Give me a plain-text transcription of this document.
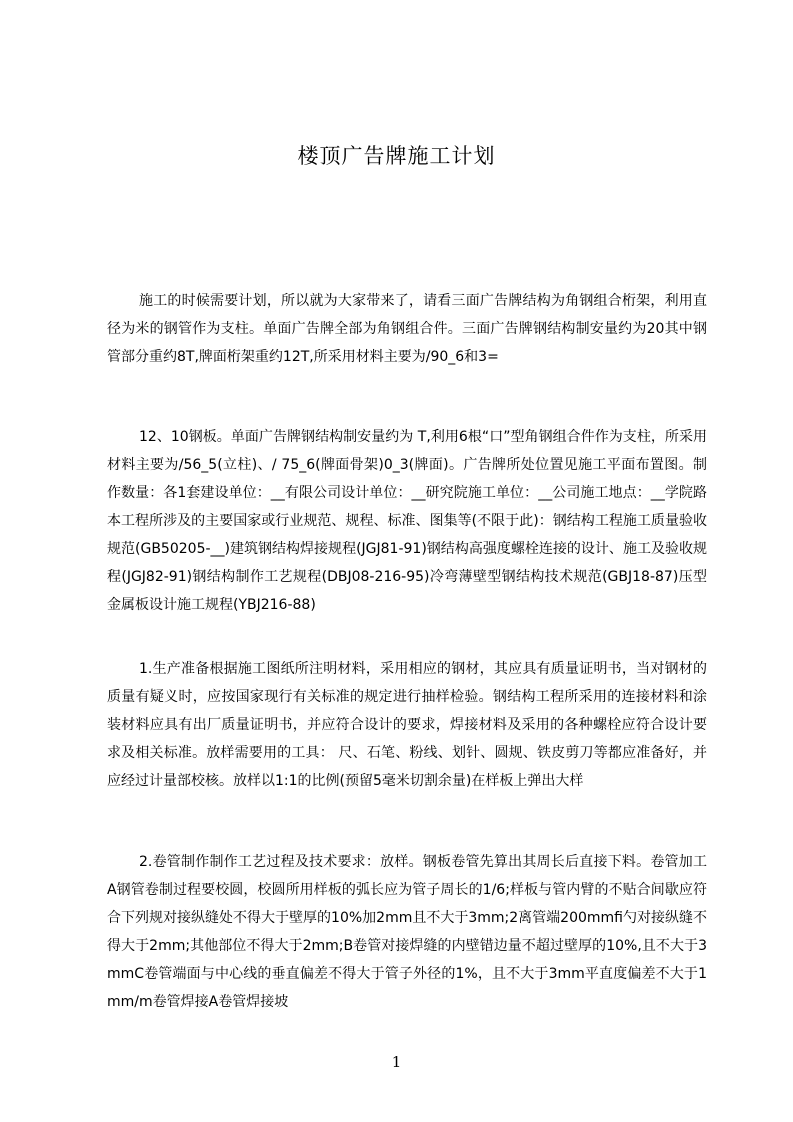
楼顶广告牌施工计划

施工的时候需要计划，所以就为大家带来了，请看三面广告牌结构为角钢组合桁架，利用直径为米的钢管作为支柱。单面广告牌全部为角钢组合件。三面广告牌钢结构制安量约为20其中钢管部分重约8T,牌面桁架重约12T,所采用材料主要为/90_6和3=

12、10钢板。单面广告牌钢结构制安量约为 T,利用6根“口”型角钢组合件作为支柱，所采用材料主要为/56_5(立柱)、/ 75_6(牌面骨架)0_3(牌面)。广告牌所处位置见施工平面布置图。制作数量：各1套建设单位：__有限公司设计单位：__研究院施工单位：__公司施工地点：__学院路本工程所涉及的主要国家或行业规范、规程、标准、图集等(不限于此)：钢结构工程施工质量验收规范(GB50205-__)建筑钢结构焊接规程(JGJ81-91)钢结构高强度螺栓连接的设计、施工及验收规程(JGJ82-91)钢结构制作工艺规程(DBJ08-216-95)冷弯薄壁型钢结构技术规范(GBJ18-87)压型金属板设计施工规程(YBJ216-88)

1.生产准备根据施工图纸所注明材料，采用相应的钢材，其应具有质量证明书，当对钢材的质量有疑义时，应按国家现行有关标准的规定进行抽样检验。钢结构工程所采用的连接材料和涂装材料应具有出厂质量证明书，并应符合设计的要求，焊接材料及采用的各种螺栓应符合设计要求及相关标准。放样需要用的工具： 尺、石笔、粉线、划针、圆规、铁皮剪刀等都应准备好，并应经过计量部校核。放样以1:1的比例(预留5毫米切割余量)在样板上弹出大样

2.卷管制作制作工艺过程及技术要求：放样。钢板卷管先算出其周长后直接下料。卷管加工A钢管卷制过程要校圆，校圆所用样板的弧长应为管子周长的1/6;样板与管内臂的不贴合间歇应符合下列规对接纵缝处不得大于壁厚的10%加2mm且不大于3mm;2离管端200mmfi勺对接纵缝不得大于2mm;其他部位不得大于2mm;B卷管对接焊缝的内壁错边量不超过壁厚的10%,且不大于3mmC卷管端面与中心线的垂直偏差不得大于管子外径的1%，且不大于3mm平直度偏差不大于1mm/m卷管焊接A卷管焊接坡

1
